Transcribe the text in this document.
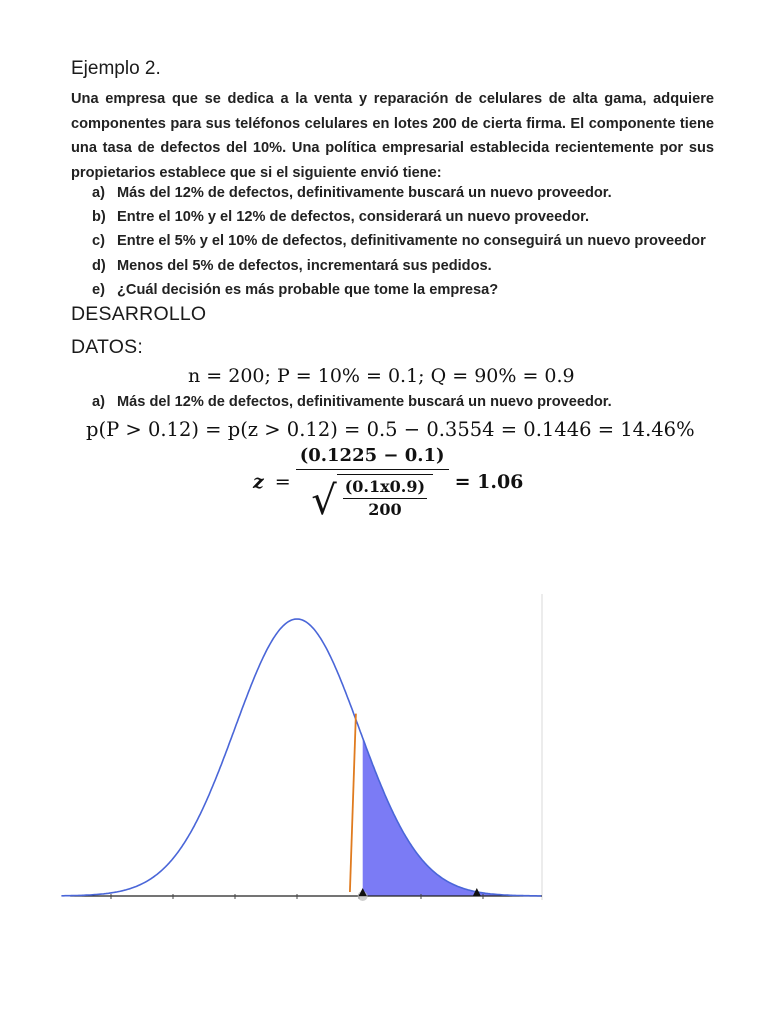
Ejemplo 2.
Una empresa que se dedica a la venta y reparación de celulares de alta gama, adquiere componentes para sus teléfonos celulares en lotes 200 de cierta firma. El componente tiene una tasa de defectos del 10%. Una política empresarial establecida recientemente por sus propietarios establece que si el siguiente envió tiene:
a) Más del 12% de defectos, definitivamente buscará un nuevo proveedor.
b) Entre el 10% y el 12% de defectos, considerará un nuevo proveedor.
c) Entre el 5% y el 10% de defectos, definitivamente no conseguirá un nuevo proveedor
d) Menos del 5% de defectos, incrementará sus pedidos.
e) ¿Cuál decisión es más probable que tome la empresa?
DESARROLLO
DATOS:
n = 200; P = 10% = 0.1; Q = 90% = 0.9
a) Más del 12% de defectos, definitivamente buscará un nuevo proveedor.
p(P > 0.12) = p(z > 0.12) = 0.5 − 0.3554 = 0.1446 = 14.46%
$z = \frac{(0.1225 - 0.1)}{√ \frac{(0.1x0.9)}{200}} = 1.06$
